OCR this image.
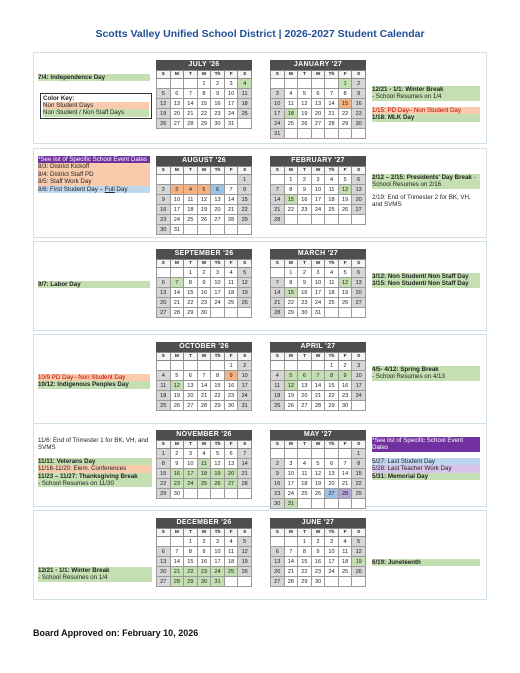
Scotts Valley Unified School District | 2026-2027 Student Calendar
JULY '26
S	M	T	W	Th	F	S
			1	2	3	4
5	6	7	8	9	10	11
12	13	14	15	16	17	18
19	20	21	22	23	24	25
26	27	28	29	30	31	
JANUARY '27
S	M	T	W	Th	F	S
					1	2
3	4	5	6	7	8	9
10	11	12	13	14	15	16
17	18	19	20	21	22	23
24	25	26	27	28	29	30
31						
7/4: Independence Day
Color Key:
Non Student Days
Non Student / Non Staff Days
12/21 - 1/1: Winter Break
- School Resumes on 1/4
1/15: PD Day– Non Student Day
1/18: MLK Day
AUGUST '26
S	M	T	W	Th	F	S
						1
2	3	4	5	6	7	8
9	10	11	12	13	14	15
16	17	18	19	20	21	22
23	24	25	26	27	28	29
30	31					
FEBRUARY '27
S	M	T	W	Th	F	S
	1	2	3	4	5	6
7	8	9	10	11	12	13
14	15	16	17	18	19	20
21	22	23	24	25	26	27
28						
*See list of Specific School Event Dates
8/3: District Kickoff
8/4: District Staff PD
8/5: Staff Work Day
8/6: First Student Day – Full Day
2/12 – 2/15: Presidents' Day Break - School Resumes on 2/16
2/19: End of Trimester 2 for BK, VH, and SVMS
SEPTEMBER '26
S	M	T	W	Th	F	S
		1	2	3	4	5
6	7	8	9	10	11	12
13	14	15	16	17	18	19
20	21	22	23	24	25	26
27	28	29	30			
MARCH '27
S	M	T	W	Th	F	S
	1	2	3	4	5	6
7	8	9	10	11	12	13
14	15	16	17	18	19	20
21	22	23	24	25	26	27
28	29	30	31			
9/7: Labor Day
3/12: Non Student/ Non Staff Day
3/15: Non Student/ Non Staff Day
OCTOBER '26
S	M	T	W	Th	F	S
					1	2
4	5	6	7	8	9	10
11	12	13	14	15	16	17
18	19	20	21	22	23	24
25	26	27	28	29	30	31
APRIL '27
S	M	T	W	Th	F	S
				1	2	3
4	5	6	7	8	9	10
11	12	13	14	15	16	17
18	19	20	21	22	23	24
25	26	27	28	29	30	
10/9 PD Day– Non Student Day
10/12: Indigenous Peoples Day
4/5- 4/12: Spring Break
- School Resumes on 4/13
NOVEMBER '26
S	M	T	W	Th	F	S
1	2	3	4	5	6	7
8	9	10	11	12	13	14
15	16	17	18	19	20	21
22	23	24	25	26	27	28
29	30					
MAY '27
S	M	T	W	Th	F	S
						1
2	3	4	5	6	7	8
9	10	11	12	13	14	15
16	17	18	19	20	21	22
23	24	25	26	27	28	29
30	31					
11/6: End of Trimester 1 for BK, VH, and SVMS
11/11: Veterans Day
11/16-11/20: Elem. Conferences
11/23 – 11/27: Thanksgiving Break
- School Resumes on 11/30
*See list of Specific School Event Dates
5/27: Last Student Day
5/28: Last Teacher Work Day
5/31: Memorial Day
DECEMBER '26
S	M	T	W	Th	F	S
		1	2	3	4	5
6	7	8	9	10	11	12
13	14	15	16	17	18	19
20	21	22	23	24	25	26
27	28	29	30	31		
JUNE '27
S	M	T	W	Th	F	S
		1	2	3	4	5
6	7	8	9	10	11	12
13	14	15	16	17	18	19
20	21	22	23	24	25	26
27	28	29	30			
12/21 - 1/1: Winter Break
- School Resumes on 1/4
6/19: Juneteenth
Board Approved on: February 10, 2026
